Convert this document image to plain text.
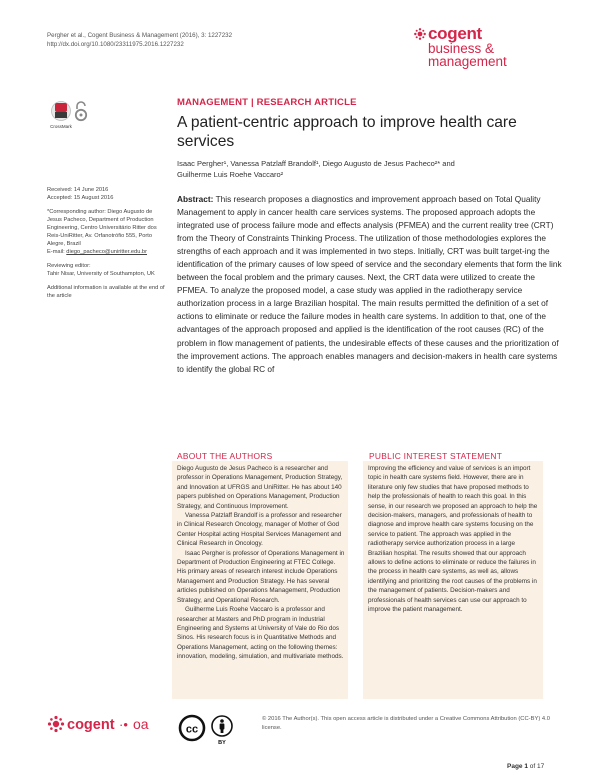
Pergher et al., Cogent Business & Management (2016), 3: 1227232
http://dx.doi.org/10.1080/23311975.2016.1227232
cogent
business &
management
CrossMark
MANAGEMENT | RESEARCH ARTICLE
A patient-centric approach to improve health care services
Isaac Pergher¹, Vanessa Patzlaff Brandolf¹, Diego Augusto de Jesus Pacheco²* and
Guilherme Luis Roehe Vaccaro²

Received: 14 June 2016

Accepted: 15 August 2016

*Corresponding author: Diego Augusto de Jesus Pacheco, Department of Production Engineering, Centro Universitário Ritter dos Reis-UniRitter, Av. Orfanotrófio 555, Porto Alegre, Brazil

E-mail: diego_pacheco@uniritter.edu.br

Reviewing editor:

Tahir Nisar, University of Southampton, UK

Additional information is available at the end of the article

Abstract: This research proposes a diagnostics and improvement approach based on Total Quality Management to apply in cancer health care services systems. The proposed approach adopts the integrated use of process failure mode and effects analysis (PFMEA) and the current reality tree (CRT) from the Theory of Constraints Thinking Process. The utilization of those methodologies explores the strengths of each approach and it was implemented in two steps. Initially, CRT was built target-ing the identification of the primary causes of low speed of service and the secondary elements that form the link between the focal problem and the primary causes. Next, the CRT data were utilized to create the PFMEA. To analyze the proposed model, a case study was applied in the radiotherapy service authorization process in a large Brazilian hospital. The main results permitted the definition of a set of actions to eliminate or reduce the failure modes in health care systems. In addition to that, one of the advantages of the approach proposed and applied is the identification of the root causes (RC) of the problem in flow management of patients, the undesirable effects of these causes and the prioritization of the improvement actions. The approach enables managers and decision-makers in health care systems to identify the global RC of
ABOUT THE AUTHORS

Diego Augusto de Jesus Pacheco is a researcher and professor in Operations Management, Production Strategy, and Innovation at UFRGS and UniRitter. He has about 140 papers published on Operations Management, Production Strategy, and Continuous Improvement.

Vanessa Patzlaff Brandolf is a professor and researcher in Clinical Research Oncology, manager of Mother of God Center Hospital acting Hospital Services Management and Clinical Research in Oncology.

Isaac Pergher is professor of Operations Management in Department of Production Engineering at FTEC College. His primary areas of research interest include Operations Management and Production Strategy. He has several articles published on Operations Management, Production Strategy, and Operational Research.

Guilherme Luis Roehe Vaccaro is a professor and researcher at Masters and PhD program in Industrial Engineering and Systems at University of Vale do Rio dos Sinos. His research focus is in Quantitative Methods and Operations Management, acting on the following themes: innovation, modeling, simulation, and multivariate methods.

PUBLIC INTEREST STATEMENT

Improving the efficiency and value of services is an import topic in health care systems field. However, there are in literature only few studies that have proposed methods to help the professionals of health to reach this goal. In this sense, in our research we proposed an approach to help the decision-makers, managers, and professionals of health to diagnose and improve health care systems focusing on the service to patient. The approach was applied in the radiotherapy service authorization process in a large Brazilian hospital. The results showed that our approach allows to define actions to eliminate or reduce the failures in the process in health care systems, as well as, allows identifying and prioritizing the root causes of the problems in the management of patients. Decision-makers and professionals of health services can use our approach to improve the patient management.

cogent ·• oa	cc
BY
© 2016 The Author(s). This open access article is distributed under a Creative Commons Attribution (CC-BY) 4.0 license.
Page 1 of 17
